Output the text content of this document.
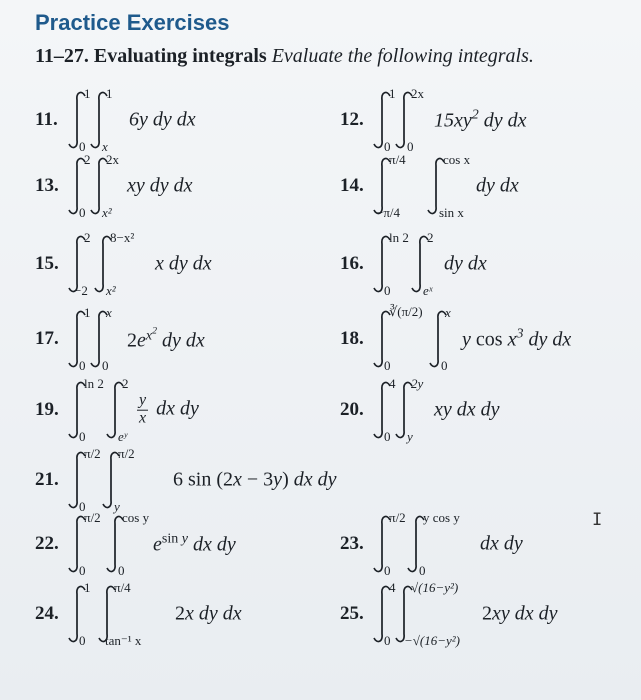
Practice Exercises
11–27. Evaluating integrals Evaluate the following integrals.
11.
1
0
1
x
6y dy dx	12.
1
0
2x
0
$15xy^2$ dy dx
13.
2
0
2x
x²
xy dy dx	14.
π/4
−π/4
cos x
sin x
dy dx
15.
2
−2
8−x²
x²
x dy dx	16.
ln 2
0
2
eˣ
dy dx
17.
1
0
x
0
$2e^{x^2}$ dy dx	18.
∛(π/2)
0
x
0
y $\cos x^3$ dy dx
19.
ln 2
0
2
eʸ
$\frac{y}{x}$ dx dy	20.
4
0
2y
y
xy dx dy
21.
π/2
0
π/2
y
6 sin (2x − 3y) dx dy
22.
π/2
0
cos y
0
$e^{sin y}$ dx dy	23.
π/2
0
y cos y
0
dx dy
24.
1
0
π/4
tan⁻¹ x
2x dy dx	25.
4
0
√(16−y²)
−√(16−y²)
2xy dx dy
I
